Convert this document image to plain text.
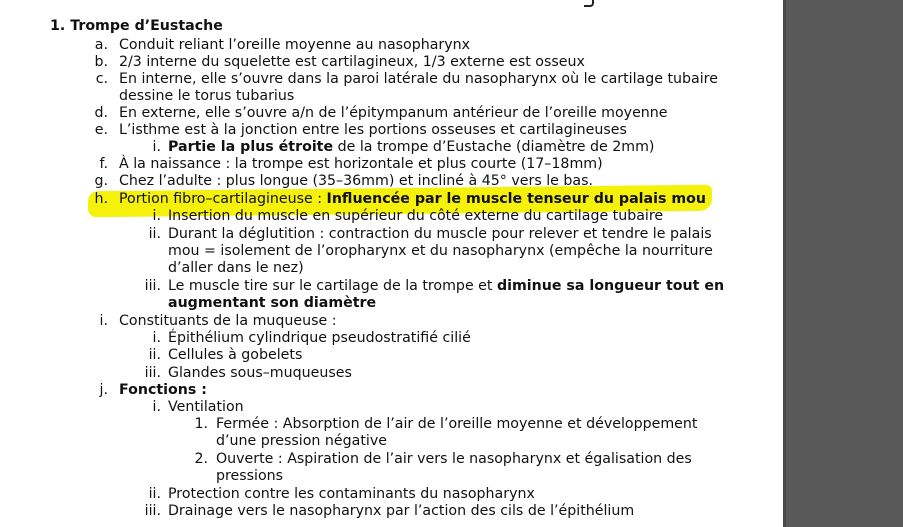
1. Trompe d’Eustache
a. Conduit reliant l’oreille moyenne au nasopharynx
b. 2/3 interne du squelette est cartilagineux, 1/3 externe est osseux
c. En interne, elle s’ouvre dans la paroi latérale du nasopharynx où le cartilage tubaire
dessine le torus tubarius
d. En externe, elle s’ouvre a/n de l’épitympanum antérieur de l’oreille moyenne
e. L’isthme est à la jonction entre les portions osseuses et cartilagineuses
i. Partie la plus étroite de la trompe d’Eustache (diamètre de 2mm)
f. À la naissance : la trompe est horizontale et plus courte (17–18mm)
g. Chez l’adulte : plus longue (35–36mm) et incliné à 45° vers le bas.
h. Portion fibro–cartilagineuse : Influencée par le muscle tenseur du palais mou
i. Insertion du muscle en supérieur du côté externe du cartilage tubaire
ii. Durant la déglutition : contraction du muscle pour relever et tendre le palais
mou = isolement de l’oropharynx et du nasopharynx (empêche la nourriture
d’aller dans le nez)
iii. Le muscle tire sur le cartilage de la trompe et diminue sa longueur tout en
augmentant son diamètre
i. Constituants de la muqueuse :
i. Épithélium cylindrique pseudostratifié cilié
ii. Cellules à gobelets
iii. Glandes sous–muqueuses
j. Fonctions :
i. Ventilation
1. Fermée : Absorption de l’air de l’oreille moyenne et développement
d’une pression négative
2. Ouverte : Aspiration de l’air vers le nasopharynx et égalisation des
pressions
ii. Protection contre les contaminants du nasopharynx
iii. Drainage vers le nasopharynx par l’action des cils de l’épithélium
